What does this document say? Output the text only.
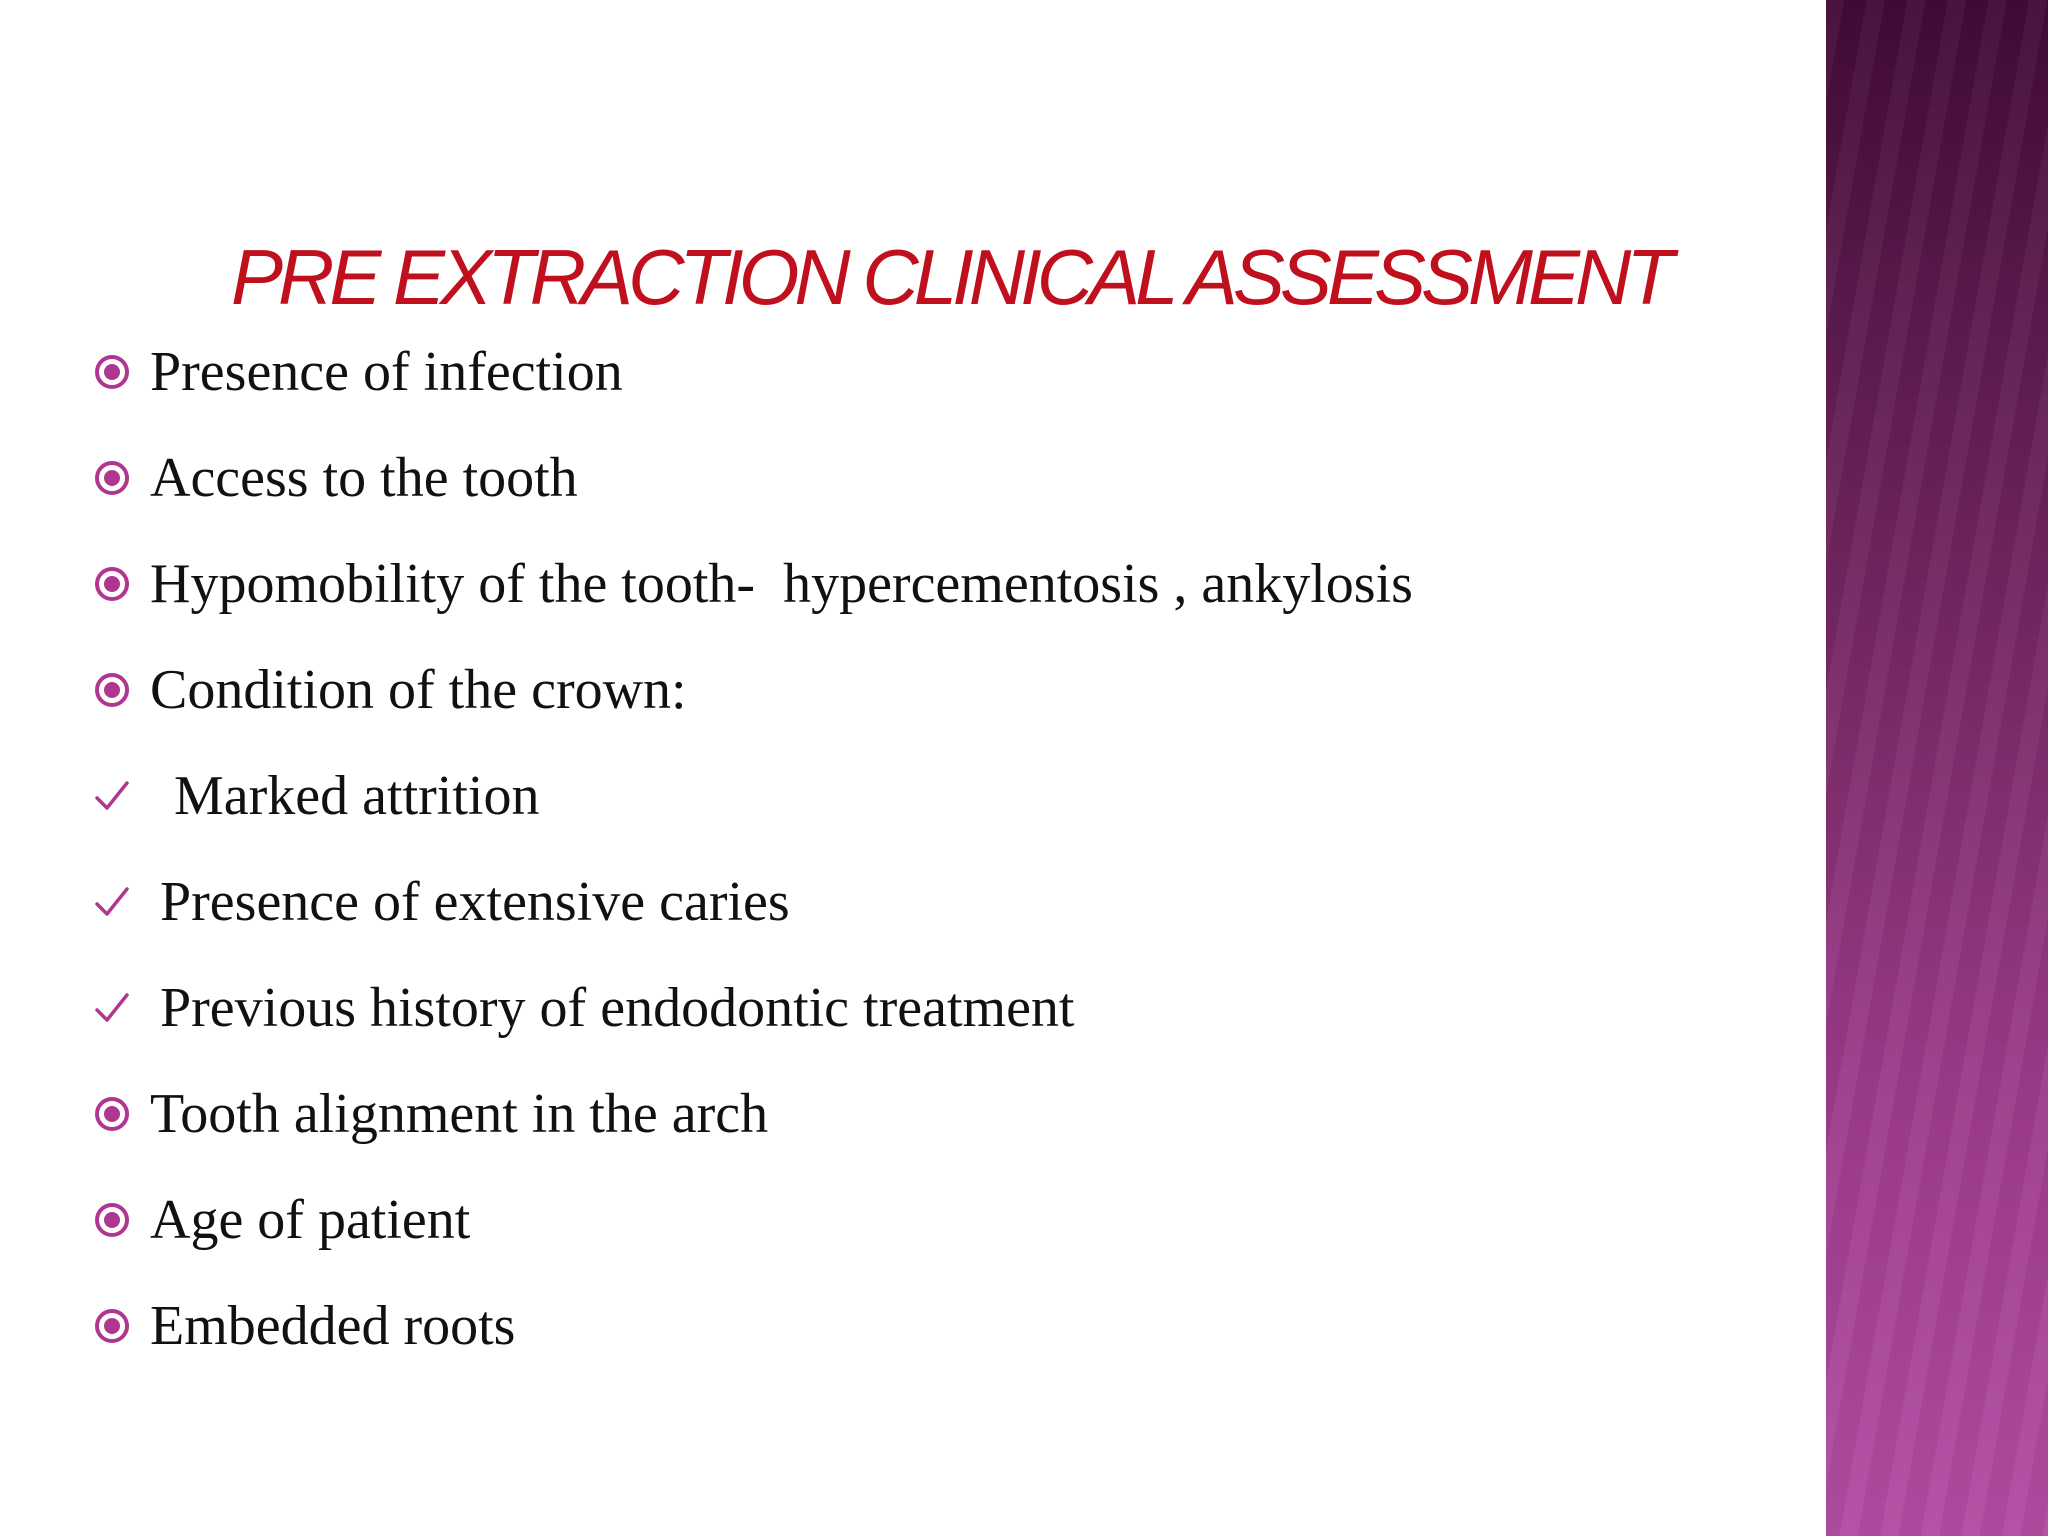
PRE EXTRACTION CLINICAL ASSESSMENT
Presence of infection
Access to the tooth
Hypomobility of the tooth-  hypercementosis , ankylosis
Condition of the crown:
Marked attrition
Presence of extensive caries
Previous history of endodontic treatment
Tooth alignment in the arch
Age of patient
Embedded roots
